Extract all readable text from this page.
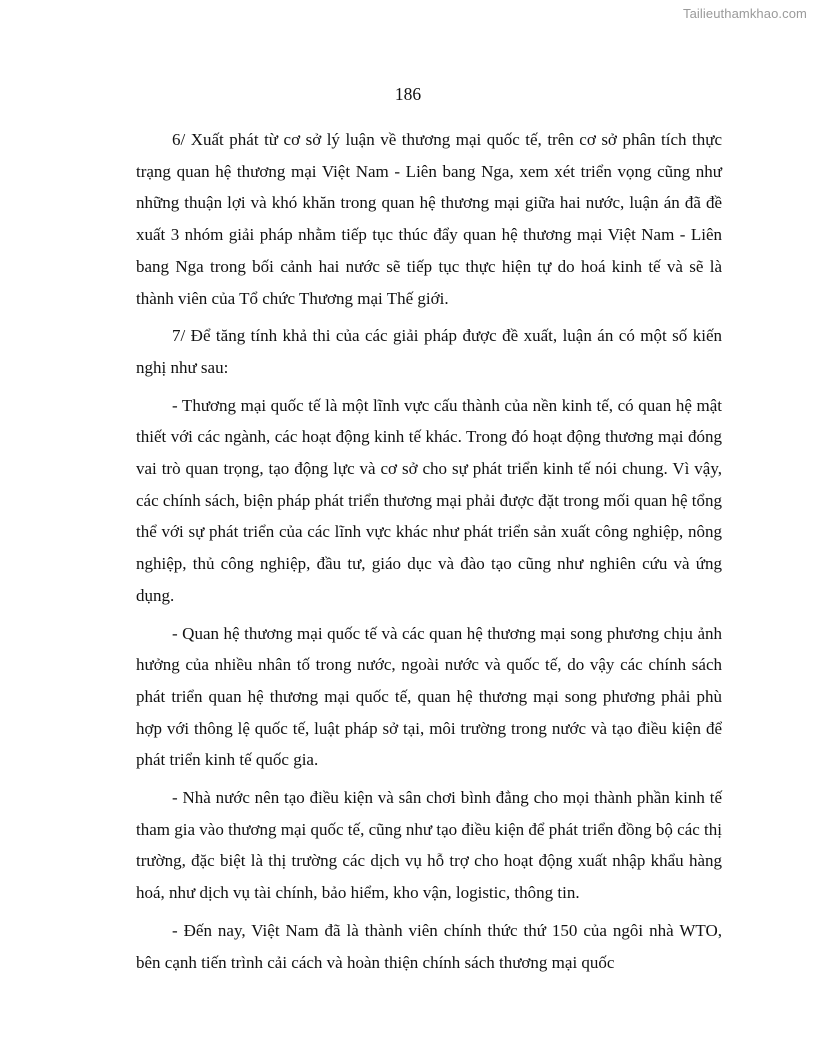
Tailieuthamkhao.com
186

6/ Xuất phát từ cơ sở lý luận về thương mại quốc tế, trên cơ sở phân tích thực trạng quan hệ thương mại Việt Nam - Liên bang Nga, xem xét triển vọng cũng như những thuận lợi và khó khăn trong quan hệ thương mại giữa hai nước, luận án đã đề xuất 3 nhóm giải pháp nhằm tiếp tục thúc đẩy quan hệ thương mại Việt Nam - Liên bang Nga trong bối cảnh hai nước sẽ tiếp tục thực hiện tự do hoá kinh tế và sẽ là thành viên của Tổ chức Thương mại Thế giới.

7/ Để tăng tính khả thi của các giải pháp được đề xuất, luận án có một số kiến nghị như sau:

- Thương mại quốc tế là một lĩnh vực cấu thành của nền kinh tế, có quan hệ mật thiết với các ngành, các hoạt động kinh tế khác. Trong đó hoạt động thương mại đóng vai trò quan trọng, tạo động lực và cơ sở cho sự phát triển kinh tế nói chung. Vì vậy, các chính sách, biện pháp phát triển thương mại phải được đặt trong mối quan hệ tổng thể với sự phát triển của các lĩnh vực khác như phát triển sản xuất công nghiệp, nông nghiệp, thủ công nghiệp, đầu tư, giáo dục và đào tạo cũng như nghiên cứu và ứng dụng.

- Quan hệ thương mại quốc tế và các quan hệ thương mại song phương chịu ảnh hưởng của nhiều nhân tố trong nước, ngoài nước và quốc tế, do vậy các chính sách phát triển quan hệ thương mại quốc tế, quan hệ thương mại song phương phải phù hợp với thông lệ quốc tế, luật pháp sở tại, môi trường trong nước và tạo điều kiện để phát triển kinh tế quốc gia.

- Nhà nước nên tạo điều kiện và sân chơi bình đẳng cho mọi thành phần kinh tế tham gia vào thương mại quốc tế, cũng như tạo điều kiện để phát triển đồng bộ các thị trường, đặc biệt là thị trường các dịch vụ hỗ trợ cho hoạt động xuất nhập khẩu hàng hoá, như dịch vụ tài chính, bảo hiểm, kho vận, logistic, thông tin.

- Đến nay, Việt Nam đã là thành viên chính thức thứ 150 của ngôi nhà WTO, bên cạnh tiến trình cải cách và hoàn thiện chính sách thương mại quốc
